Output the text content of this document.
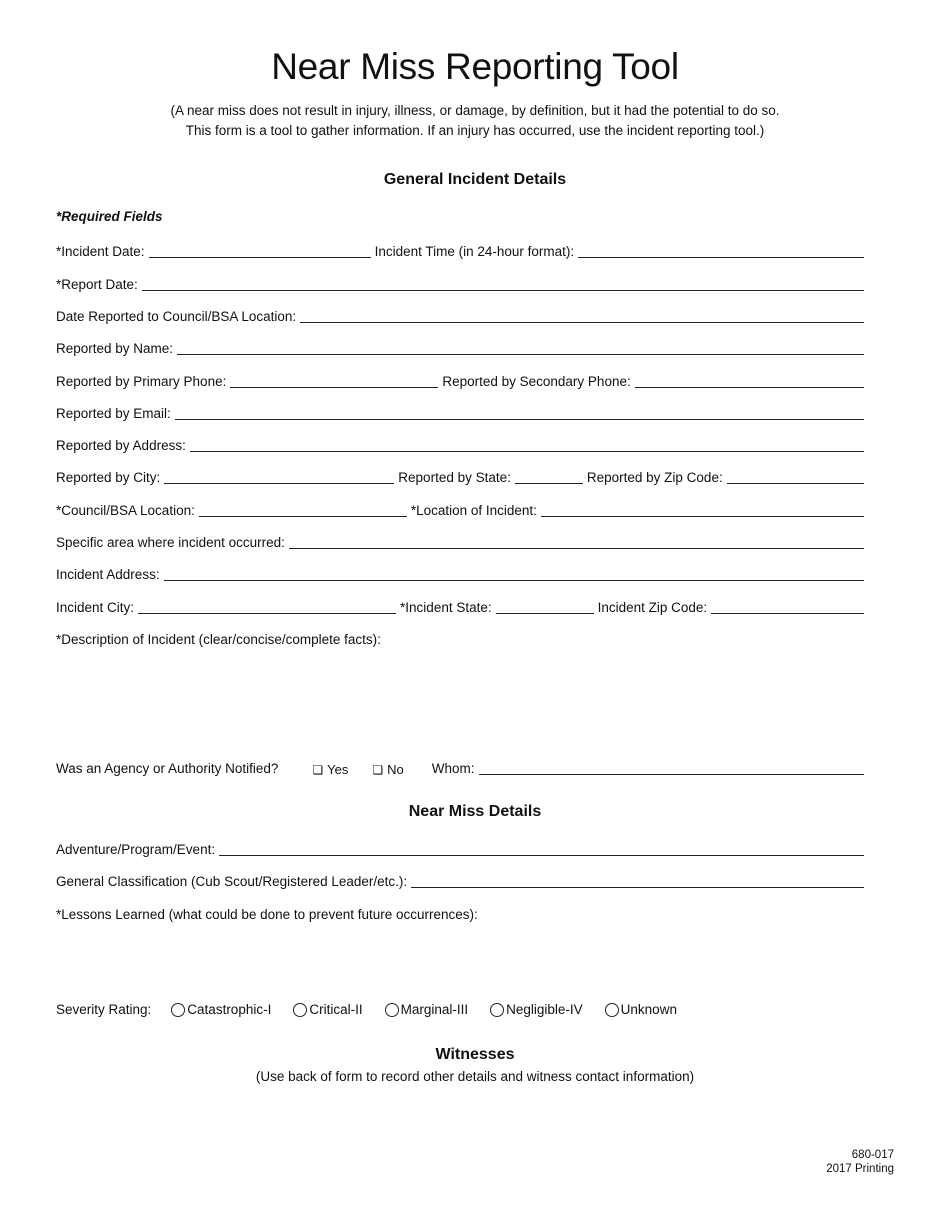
Near Miss Reporting Tool
(A near miss does not result in injury, illness, or damage, by definition, but it had the potential to do so.
This form is a tool to gather information. If an injury has occurred, use the incident reporting tool.)
General Incident Details
*Required Fields
*Incident Date:	Incident Time (in 24-hour format):
*Report Date:
Date Reported to Council/BSA Location:
Reported by Name:
Reported by Primary Phone:	Reported by Secondary Phone:
Reported by Email:
Reported by Address:
Reported by City:	Reported by State:	Reported by Zip Code:
*Council/BSA Location:	*Location of Incident:
Specific area where incident occurred:
Incident Address:
Incident City:	*Incident State:	Incident Zip Code:
*Description of Incident (clear/concise/complete facts):
Was an Agency or Authority Notified?	❏ Yes ❏ No	Whom:
Near Miss Details
Adventure/Program/Event:
General Classification (Cub Scout/Registered Leader/etc.):
*Lessons Learned (what could be done to prevent future occurrences):
Severity Rating:	Catastrophic-I	Critical-II	Marginal-III	Negligible-IV	Unknown
Witnesses
(Use back of form to record other details and witness contact information)
680-017
2017 Printing
